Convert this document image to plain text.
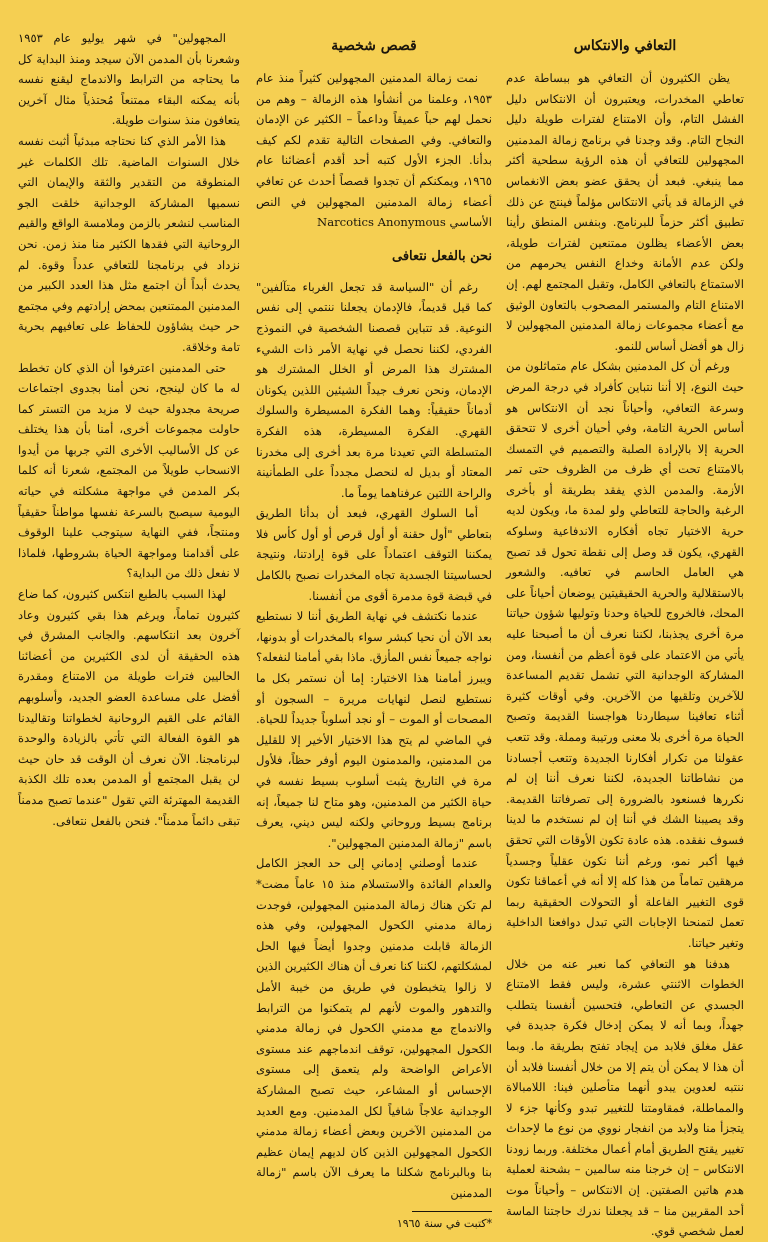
التعافي والانتكاس

يظن الكثيرون أن التعافي هو ببساطة عدم تعاطي المخدرات، ويعتبرون أن الانتكاس دليل الفشل التام، وأن الامتناع لفترات طويلة دليل النجاح التام. وقد وجدنا في برنامج زمالة المدمنين المجهولين للتعافي أن هذه الرؤية سطحية أكثر مما ينبغي. فبعد أن يحقق عضو بعض الانغماس في الزمالة قد يأتي الانتكاس مؤلماً فينتج عن ذلك تطبيق أكثر حزماً للبرنامج. وبنفس المنطق رأينا بعض الأعضاء يظلون ممتنعين لفترات طويلة، ولكن عدم الأمانة وخداع النفس يحرمهم من الاستمتاع بالتعافي الكامل، وتقبل المجتمع لهم. إن الامتناع التام والمستمر المصحوب بالتعاون الوثيق مع أعضاء مجموعات زمالة المدمنين المجهولين لا زال هو أفضل أساس للنمو.

ورغم أن كل المدمنين بشكل عام متماثلون من حيث النوع، إلا أننا نتباين كأفراد في درجة المرض وسرعة التعافي، وأحياناً نجد أن الانتكاس هو أساس الحرية التامة، وفي أحيان أخرى لا تتحقق الحرية إلا بالإرادة الصلبة والتصميم في التمسك بالامتناع تحت أي ظرف من الظروف حتى تمر الأزمة. والمدمن الذي يفقد بطريقة أو بأخرى الرغبة والحاجة للتعاطي ولو لمدة ما، ويكون لديه حرية الاختيار تجاه أفكاره الاندفاعية وسلوكه القهري، يكون قد وصل إلى نقطة تحول قد تصبح هي العامل الحاسم في تعافيه. والشعور بالاستقلالية والحرية الحقيقيتين يوضعان أحياناً على المحك، فالخروج للحياة وحدنا وتوليها شؤون حياتنا مرة أخرى يجذبنا، لكننا نعرف أن ما أصبحنا عليه يأتي من الاعتماد على قوة أعظم من أنفسنا، ومن المشاركة الوجدانية التي تشمل تقديم المساعدة للآخرين وتلقيها من الآخرين. وفي أوقات كثيرة أثناء تعافينا سيطاردنا هواجسنا القديمة وتصبح الحياة مرة أخرى بلا معنى ورتيبة ومملة. وقد تتعب عقولنا من تكرار أفكارنا الجديدة وتتعب أجسادنا من نشاطاتنا الجديدة، لكننا نعرف أننا إن لم نكررها فسنعود بالضرورة إلى تصرفاتنا القديمة. وقد يصيبنا الشك في أننا إن لم نستخدم ما لدينا فسوف نفقده. هذه عادة تكون الأوقات التي تحقق فيها أكبر نمو، ورغم أننا نكون عقلياً وجسدياً مرهقين تماماً من هذا كله إلا أنه في أعماقنا تكون قوى التغيير الفاعلة أو التحولات الحقيقية ربما تعمل لتمنحنا الإجابات التي تبدل دوافعنا الداخلية وتغير حياتنا.

هدفنا هو التعافي كما نعبر عنه من خلال الخطوات الاثنتي عشرة، وليس فقط الامتناع الجسدي عن التعاطي، فتحسين أنفسنا يتطلب جهداً، وبما أنه لا يمكن إدخال فكرة جديدة في عقل مغلق فلابد من إيجاد تفتح بطريقة ما. وبما أن هذا لا يمكن أن يتم إلا من خلال أنفسنا فلابد أن ننتبه لعدوين يبدو أنهما متأصلين فينا: اللامبالاة والمماطلة، فمقاومتنا للتغيير تبدو وكأنها جزء لا يتجزأ منا ولابد من انفجار نووي من نوع ما لإحداث تغيير يقتح الطريق أمام أعمال مختلفة. وربما زودنا الانتكاس – إن خرجنا منه سالمين – بشحنة لعملية هدم هاتين الصفتين. إن الانتكاس – وأحياناً موت أحد المقربين منا – قد يجعلنا ندرك حاجتنا الماسة لعمل شخصي قوي.

قصص شخصية

نمت زمالة المدمنين المجهولين كثيراً منذ عام ١٩٥٣، وعلمنا من أنشأوا هذه الزمالة – وهم من نحمل لهم حباً عميقاً وداعماً – الكثير عن الإدمان والتعافي. وفي الصفحات التالية تقدم لكم كيف بدأنا. الجزء الأول كتبه أحد أقدم أعضائنا عام ١٩٦٥، ويمكنكم أن تجدوا قصصاً أحدث عن تعافي أعضاء زمالة المدمنين المجهولين في النص الأساسي Narcotics Anonymous

نحن بالفعل نتعافى

رغم أن "السياسة قد تجعل الغرباء متآلفين" كما قيل قديماً، فالإدمان يجعلنا ننتمي إلى نفس النوعية. قد تتباين قصصنا الشخصية في النموذج الفردي، لكننا نحصل في نهاية الأمر ذات الشيء المشترك هذا المرض أو الخلل المشترك هو الإدمان، ونحن نعرف جيداً الشيئين اللذين يكونان أدماناً حقيقياً: وهما الفكرة المسيطرة والسلوك القهري. الفكرة المسيطرة، هذه الفكرة المتسلطة التي تعيدنا مرة بعد أخرى إلى مخدرنا المعتاد أو بديل له لنحصل مجدداً على الطمأنينة والراحة اللتين عرفناهما يوماً ما.

أما السلوك القهري، فبعد أن بدأنا الطريق بتعاطي "أول حقنة أو أول قرص أو أول كأس فلا يمكننا التوقف اعتماداً على قوة إرادتنا، ونتيجة لحساسيتنا الجسدية تجاه المخدرات نصبح بالكامل في قبضة قوة مدمرة أقوى من أنفسنا.

عندما نكتشف في نهاية الطريق أننا لا نستطيع بعد الآن أن نحيا كبشر سواء بالمخدرات أو بدونها، نواجه جميعاً نفس المأزق. ماذا بقي أمامنا لنفعله؟ ويبرز أمامنا هذا الاختيار: إما أن نستمر بكل ما نستطيع لنصل لنهايات مريرة – السجون أو المصحات أو الموت – أو نجد أسلوباً جديداً للحياة. في الماضي لم يتح هذا الاختيار الأخير إلا للقليل من المدمنين، والمدمنون اليوم أوفر حظاً، فلأول مرة في التاريخ يثبت أسلوب بسيط نفسه في حياة الكثير من المدمنين، وهو متاح لنا جميعاً، إنه برنامج بسيط وروحاني ولكنه ليس ديني، يعرف باسم "زمالة المدمنين المجهولين".

عندما أوصلني إدماني إلى حد العجز الكامل والعدام الفائدة والاستسلام منذ ١٥ عاماً مضت* لم تكن هناك زمالة المدمنين المجهولين، فوجدت زمالة مدمني الكحول المجهولين، وفي هذه الزمالة قابلت مدمنين وجدوا أيضاً فيها الحل لمشكلتهم، لكننا كنا نعرف أن هناك الكثيرين الذين لا زالوا يتخبطون في طريق من خيبة الأمل والتدهور والموت لأنهم لم يتمكنوا من الترابط والاندماج مع مدمني الكحول في زمالة مدمني الكحول المجهولين، توقف اندماجهم عند مستوى الأعراض الواضحة ولم يتعمق إلى مستوى الإحساس أو المشاعر، حيث تصبح المشاركة الوجدانية علاجاً شافياً لكل المدمنين. ومع العديد من المدمنين الآخرين وبعض أعضاء زمالة مدمني الكحول المجهولين الذين كان لديهم إيمان عظيم بنا وبالبرنامج شكلنا ما يعرف الآن باسم "زمالة المدمنين

*كتبت في سنة ١٩٦٥

المجهولين" في شهر يوليو عام ١٩٥٣ وشعرنا بأن المدمن الآن سيجد ومنذ البداية كل ما يحتاجه من الترابط والاندماج ليقنع نفسه بأنه يمكنه البقاء ممتنعاً مُحتذياً مثال آخرين يتعافون منذ سنوات طويلة.

هذا الأمر الذي كنا نحتاجه مبدئياً أثبت نفسه خلال السنوات الماضية. تلك الكلمات غير المنطوقة من التقدير والثقة والإيمان التي نسميها المشاركة الوجدانية خلقت الجو المناسب لنشعر بالزمن وملامسة الواقع والقيم الروحانية التي فقدها الكثير منا منذ زمن. نحن نزداد في برنامجنا للتعافي عدداً وقوة. لم يحدث أبداً أن اجتمع مثل هذا العدد الكبير من المدمنين الممتنعين بمحض إرادتهم وفي مجتمع حر حيث يشاؤون للحفاظ على تعافيهم بحرية تامة وخلاقة.

حتى المدمنين اعترفوا أن الذي كان تخطط له ما كان لينجح، نحن أمنا بجدوى اجتماعات صريحة مجدولة حيث لا مزيد من التستر كما حاولت مجموعات أخرى، أمنا بأن هذا يختلف عن كل الأساليب الأخرى التي جربها من أيدوا الانسحاب طويلاً من المجتمع، شعرنا أنه كلما بكر المدمن في مواجهة مشكلته في حياته اليومية سيصبح بالسرعة نفسها مواطناً حقيقياً ومنتجاً، ففي النهاية سيتوجب علينا الوقوف على أقدامنا ومواجهة الحياة بشروطها، فلماذا لا نفعل ذلك من البداية؟

لهذا السبب بالطبع انتكس كثيرون، كما ضاع كثيرون تماماً، ويرغم هذا بقي كثيرون وعاد آخرون بعد انتكاسهم. والجانب المشرق في هذه الحقيقة أن لدى الكثيرين من أعضائنا الحاليين فترات طويلة من الامتناع ومقدرة أفضل على مساعدة العضو الجديد، وأسلوبهم القائم على القيم الروحانية لخطواتنا وتقاليدنا هو القوة الفعالة التي تأتي بالزيادة والوحدة لبرنامجنا. الآن نعرف أن الوقت قد حان حيث لن يقبل المجتمع أو المدمن بعده تلك الكذبة القديمة المهترئة التي تقول "عندما تصبح مدمناً تبقى دائماً مدمناً". فنحن بالفعل نتعافى.
